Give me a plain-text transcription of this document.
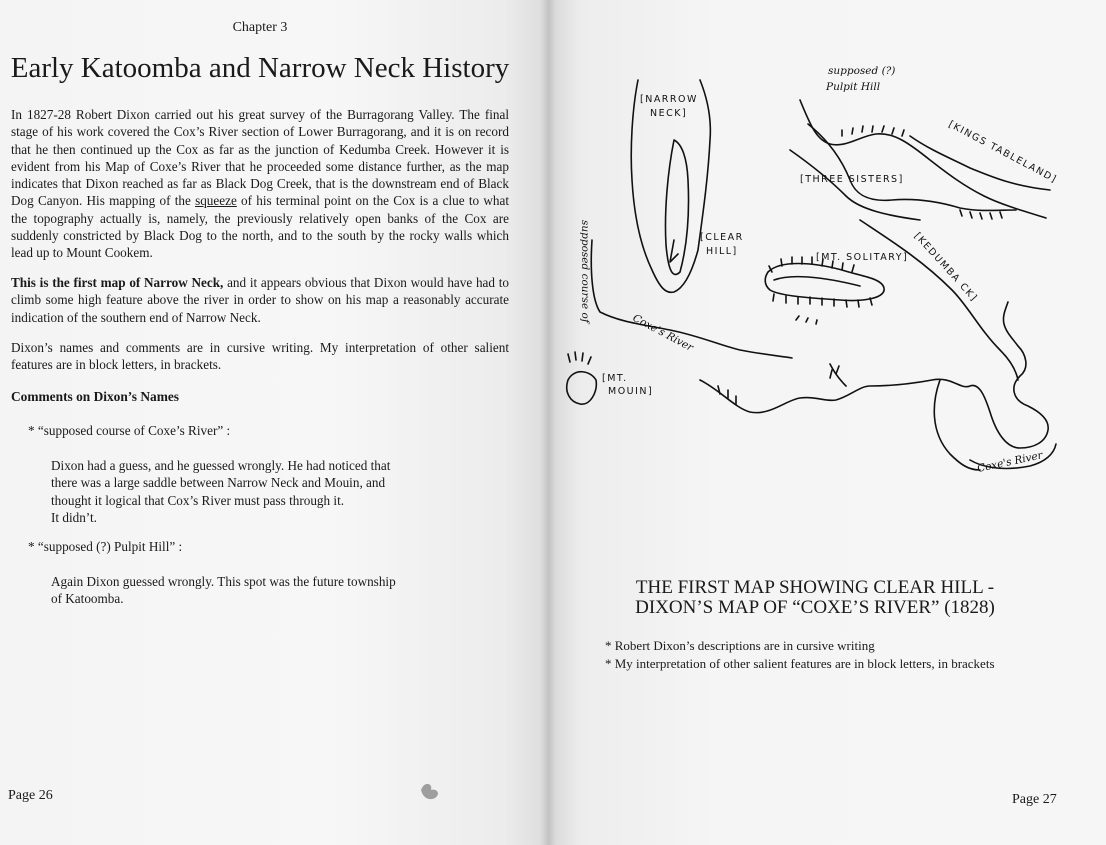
Chapter 3
Early Katoomba and Narrow Neck History

In 1827-28 Robert Dixon carried out his great survey of the Burragorang Valley. The final stage of his work covered the Cox’s River section of Lower Burragorang, and it is on record that he then continued up the Cox as far as the junction of Kedumba Creek. However it is evident from his Map of Coxe’s River that he proceeded some distance further, as the map indicates that Dixon reached as far as Black Dog Creek, that is the downstream end of Black Dog Canyon. His mapping of the squeeze of his terminal point on the Cox is a clue to what the topography actually is, namely, the previously relatively open banks of the Cox are suddenly constricted by Black Dog to the north, and to the south by the rocky walls which lead up to Mount Cookem.

This is the first map of Narrow Neck, and it appears obvious that Dixon would have had to climb some high feature above the river in order to show on his map a reasonably accurate indication of the southern end of Narrow Neck.

Dixon’s names and comments are in cursive writing. My interpretation of other salient features are in block letters, in brackets.

Comments on Dixon’s Names
* “supposed course of Coxe’s River” :

Dixon had a guess, and he guessed wrongly. He had noticed that
there was a large saddle between Narrow Neck and Mouin, and
thought it logical that Cox’s River must pass through it.
It didn’t.

* “supposed (?) Pulpit Hill” :

Again Dixon guessed wrongly. This spot was the future township
of Katoomba.

Page 26
[NARROW
NECK]
[CLEAR
HILL]
[MT.
MOUIN]
[MT. SOLITARY]
[THREE SISTERS]	[KINGS TABLELAND]
[KEDUMBA CK]
supposed (?)
Pulpit Hill
supposed course of
Coxe's River
Coxe's River
THE FIRST MAP SHOWING CLEAR HILL -
DIXON’S MAP OF “COXE’S RIVER” (1828)
* Robert Dixon’s descriptions are in cursive writing
* My interpretation of other salient features are in block letters, in brackets
Page 27
